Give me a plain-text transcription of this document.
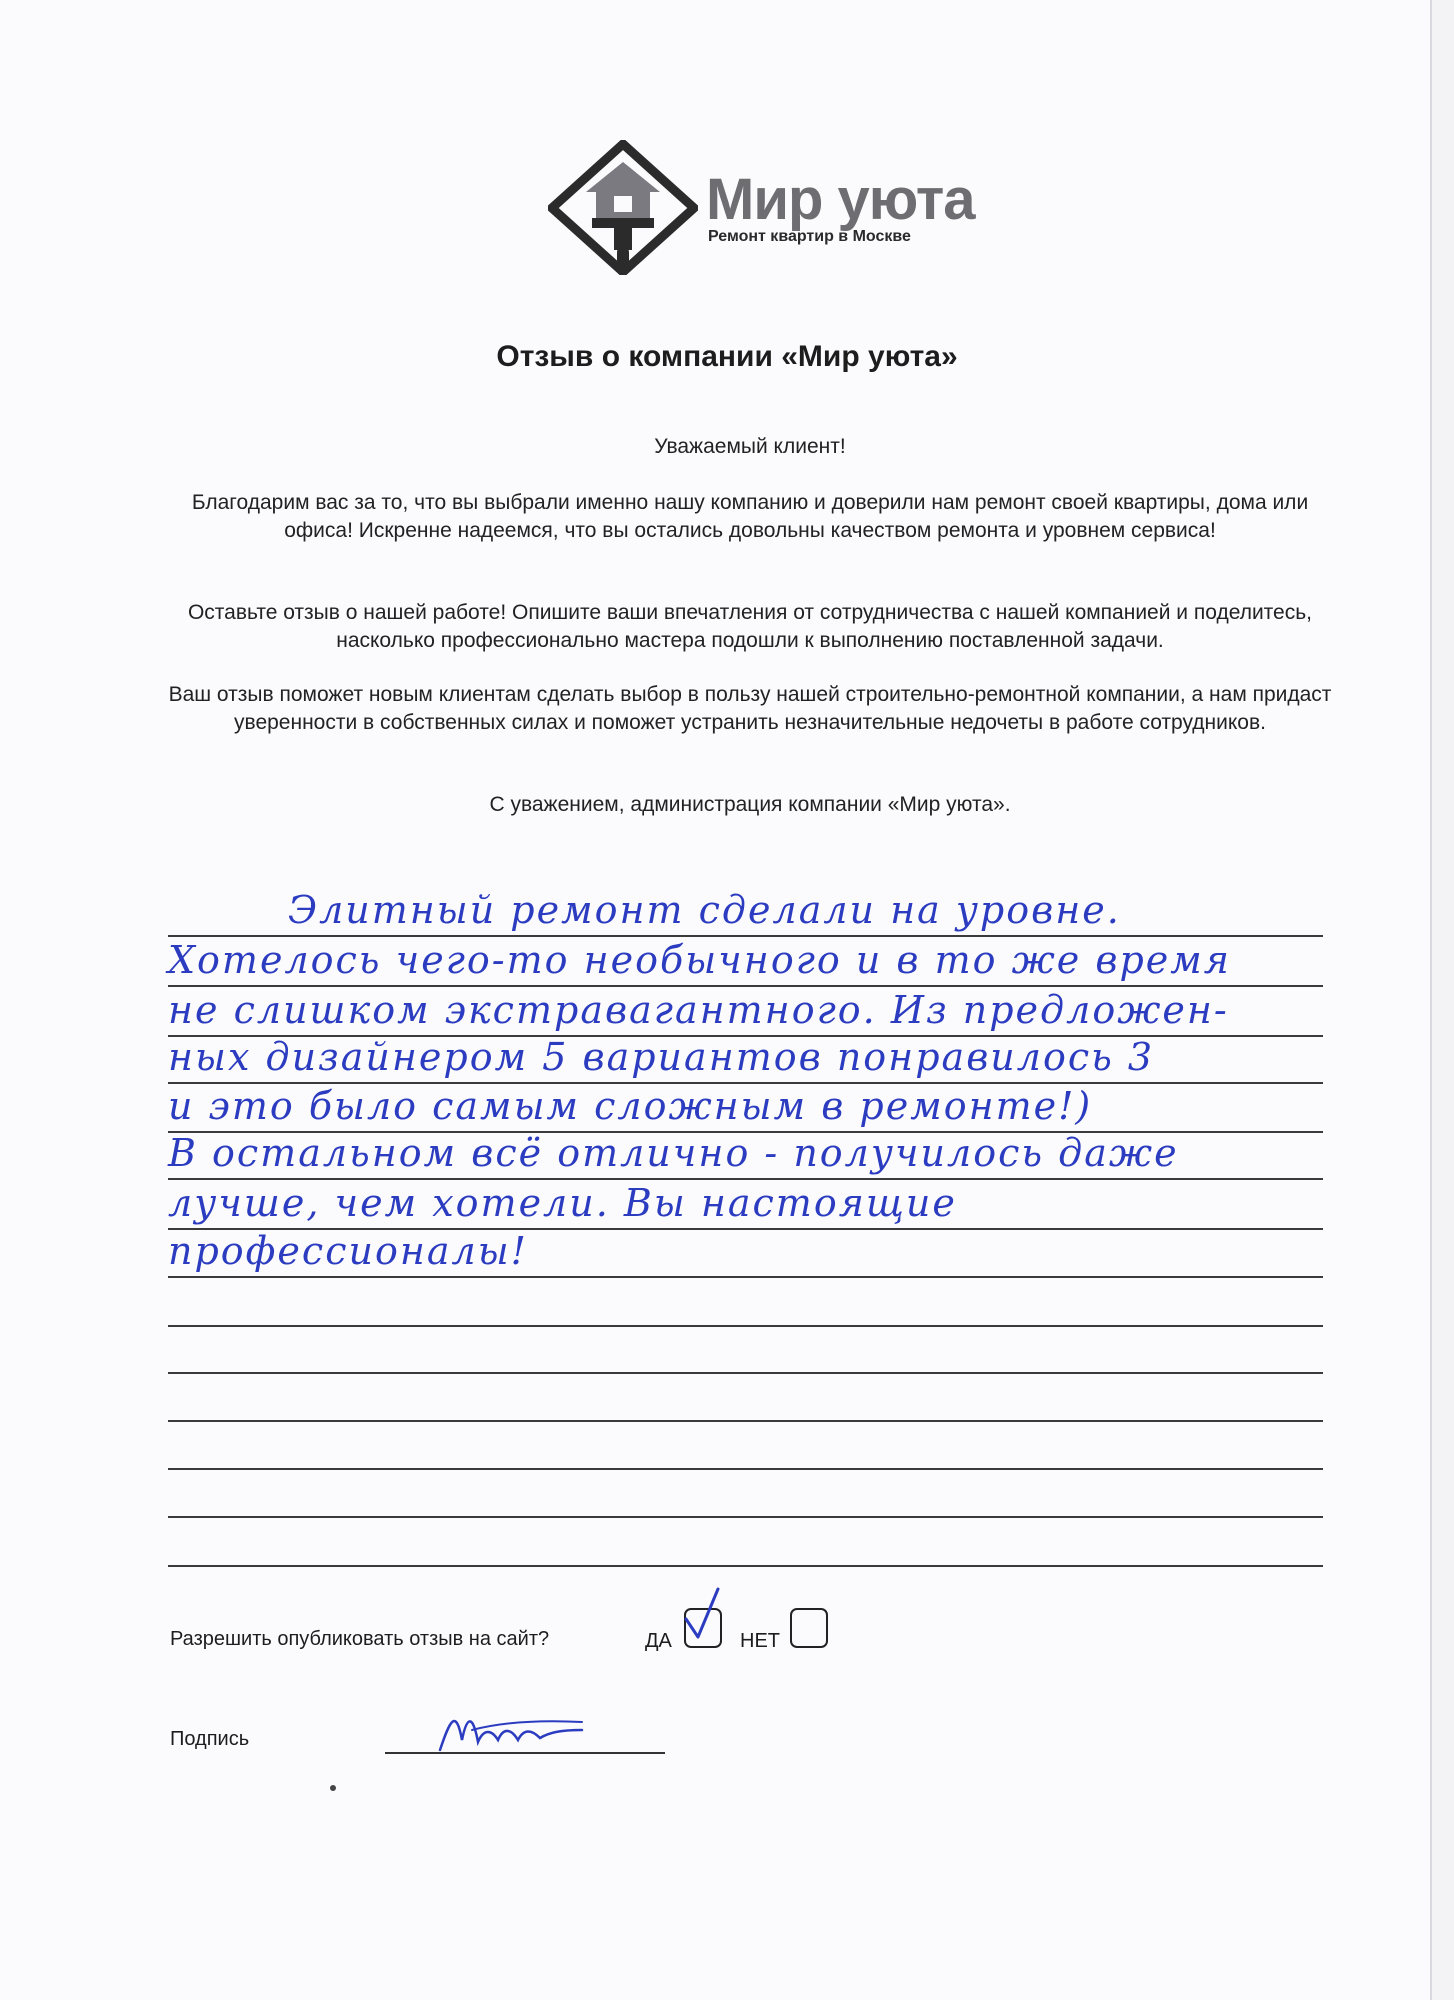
Мир уюта
Ремонт квартир в Москве
Отзыв о компании «Мир уюта»
Уважаемый клиент!
Благодарим вас за то, что вы выбрали именно нашу компанию и доверили нам ремонт своей квартиры, дома или офиса! Искренне надеемся, что вы остались довольны качеством ремонта и уровнем сервиса!
Оставьте отзыв о нашей работе! Опишите ваши впечатления от сотрудничества с нашей компанией и поделитесь, насколько профессионально мастера подошли к выполнению поставленной задачи.
Ваш отзыв поможет новым клиентам сделать выбор в пользу нашей строительно-ремонтной компании, а нам придаст уверенности в собственных силах и поможет устранить незначительные недочеты в работе сотрудников.
С уважением, администрация компании «Мир уюта».
Элитный ремонт сделали на уровне.
Хотелось чего-то необычного и в то же время
не слишком экстравагантного. Из предложен-
ных дизайнером 5 вариантов понравилось 3
и это было самым сложным в ремонте!)
В остальном всё отлично - получилось даже
лучше, чем хотели. Вы настоящие
профессионалы!
Разрешить опубликовать отзыв на сайт?	ДА	НЕТ
Подпись
